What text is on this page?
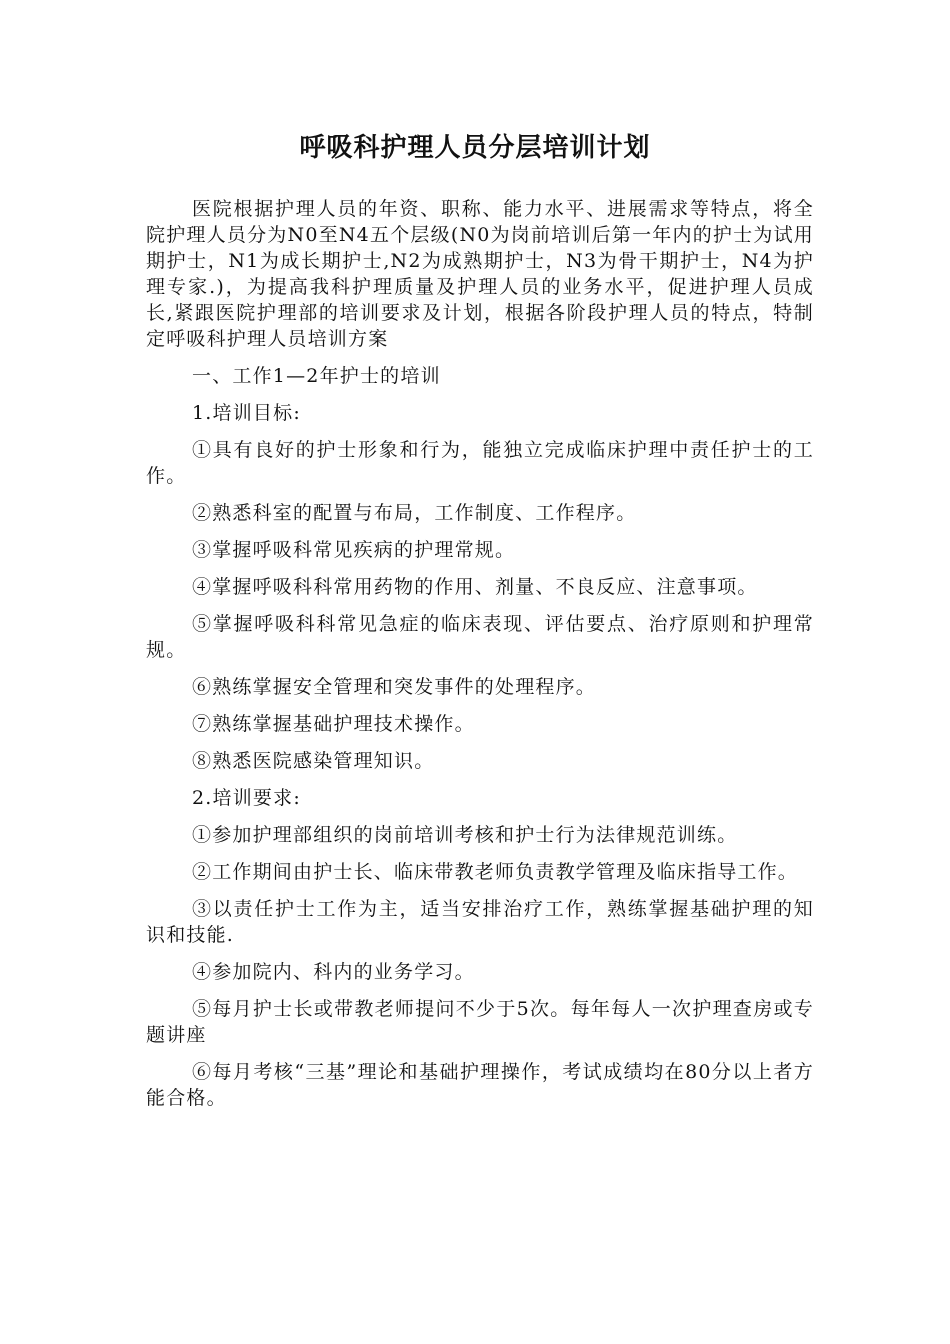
呼吸科护理人员分层培训计划

医院根据护理人员的年资、职称、能力水平、进展需求等特点，将全院护理人员分为N0至N4五个层级(N0为岗前培训后第一年内的护士为试用期护士，N1为成长期护士,N2为成熟期护士，N3为骨干期护士，N4为护理专家.)，为提高我科护理质量及护理人员的业务水平，促进护理人员成长,紧跟医院护理部的培训要求及计划，根据各阶段护理人员的特点，特制定呼吸科护理人员培训方案

一、工作1—2年护士的培训

1.培训目标:

①具有良好的护士形象和行为，能独立完成临床护理中责任护士的工作。

②熟悉科室的配置与布局，工作制度、工作程序。

③掌握呼吸科常见疾病的护理常规。

④掌握呼吸科科常用药物的作用、剂量、不良反应、注意事项。

⑤掌握呼吸科科常见急症的临床表现、评估要点、治疗原则和护理常规。

⑥熟练掌握安全管理和突发事件的处理程序。

⑦熟练掌握基础护理技术操作。

⑧熟悉医院感染管理知识。

2.培训要求:

①参加护理部组织的岗前培训考核和护士行为法律规范训练。

②工作期间由护士长、临床带教老师负责教学管理及临床指导工作。

③以责任护士工作为主，适当安排治疗工作，熟练掌握基础护理的知识和技能.

④参加院内、科内的业务学习。

⑤每月护士长或带教老师提问不少于5次。每年每人一次护理查房或专题讲座

⑥每月考核“三基”理论和基础护理操作，考试成绩均在80分以上者方能合格。
